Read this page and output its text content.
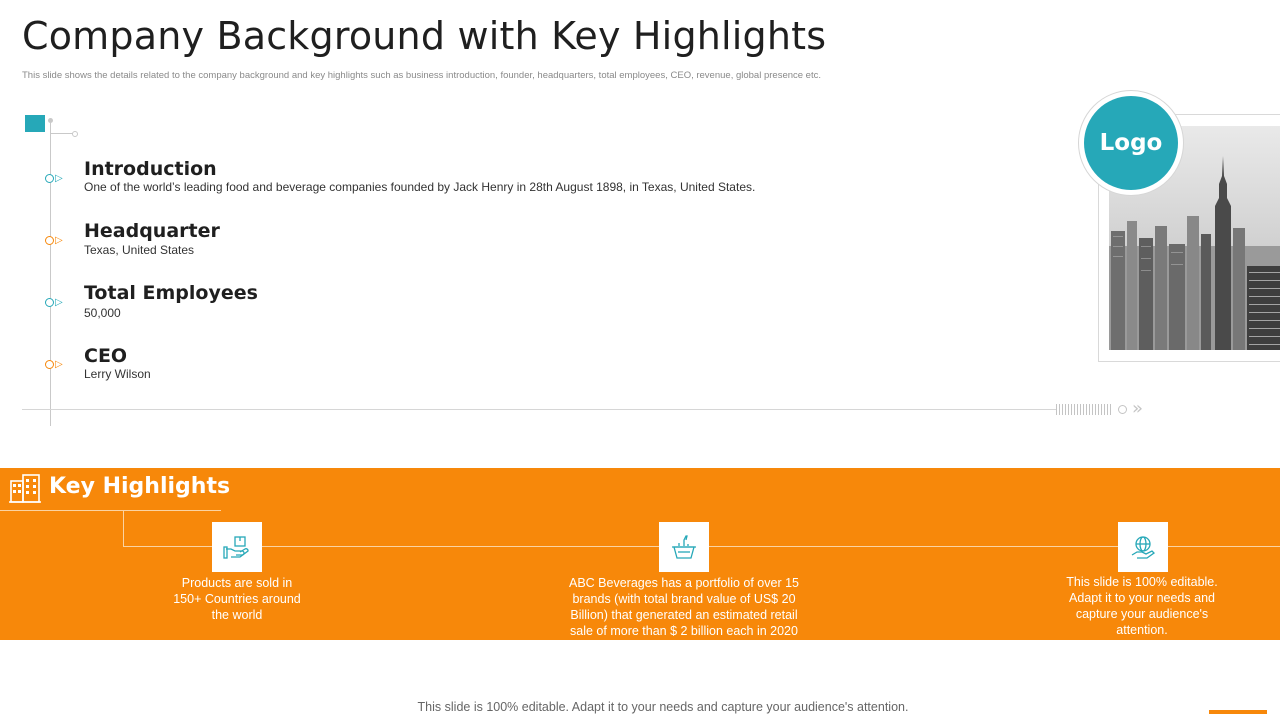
Company Background with Key Highlights
This slide shows the details related to the company background and key highlights such as business introduction, founder, headquarters, total employees, CEO, revenue, global presence etc.
»
▷ Introduction
One of the world’s leading food and beverage companies founded by Jack Henry in 28th August 1898, in Texas, United States.
▷ Headquarter
Texas, United States
▷ Total Employees
50,000
▷ CEO
Lerry Wilson
Logo
Key Highlights
Products are sold in 150+ Countries around the world
ABC Beverages has a portfolio of over 15 brands (with total brand value of US$ 20 Billion) that generated an estimated retail sale of more than $ 2 billion each in 2020
This slide is 100% editable. Adapt it to your needs and capture your audience's attention.
This slide is 100% editable. Adapt it to your needs and capture your audience's attention.
